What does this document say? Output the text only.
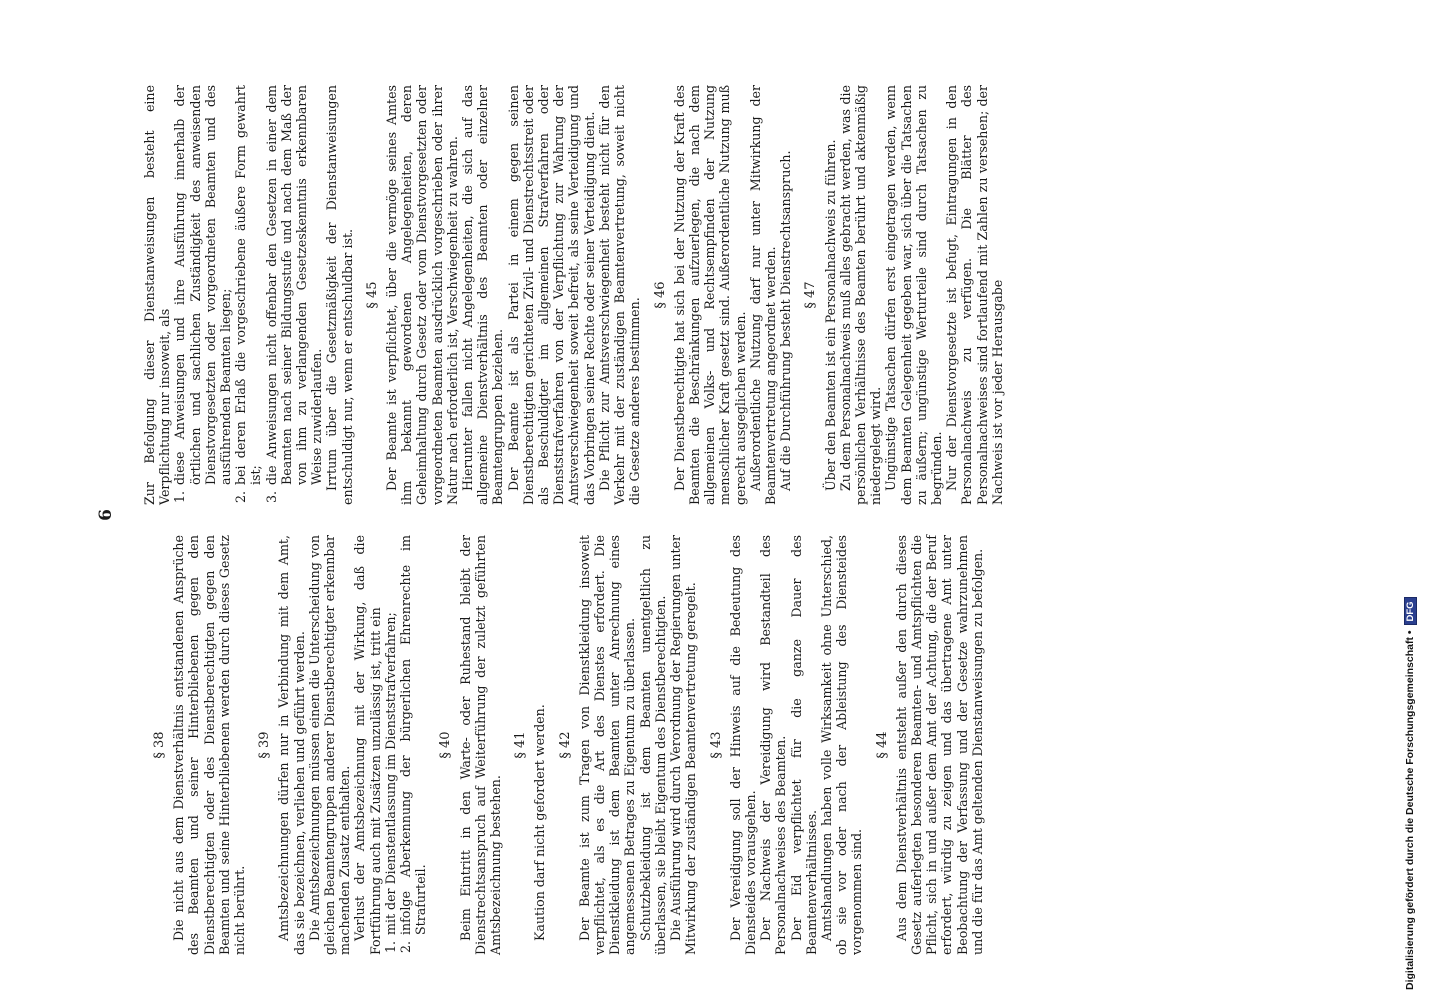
6
§ 38 Die nicht aus dem Dienstverhältnis entstandenen Ansprüche des Beamten und seiner Hinterbliebenen gegen den Dienstberechtigten oder des Dienstberechtigten gegen den Beamten und seine Hinterbliebenen werden durch dieses Gesetz nicht berührt.

§ 39 Amtsbezeichnungen dürfen nur in Verbindung mit dem Amt, das sie bezeichnen, verliehen und geführt werden. Die Amtsbezeichnungen müssen einen die Unterscheidung von gleichen Beamtengruppen anderer Dienstberechtigter erkennbar machenden Zusatz enthalten. Verlust der Amtsbezeichnung mit der Wirkung, daß die Fortführung auch mit Zusätzen unzulässig ist, tritt ein 1.
mit der Dienstentlassung im Dienststrafverfahren;
2.
infolge Aberkennung der bürgerlichen Ehrenrechte im Strafurteil.
§ 40 Beim Eintritt in den Warte- oder Ruhestand bleibt der Dienstrechtsanspruch auf Weiterführung der zuletzt geführten Amtsbezeichnung bestehen.

§ 41 Kaution darf nicht gefordert werden. § 42 Der Beamte ist zum Tragen von Dienstkleidung insoweit verpflichtet, als es die Art des Dienstes erfordert. Die Dienstkleidung ist dem Beamten unter Anrechnung eines angemessenen Betrages zu Eigentum zu überlassen. Schutzbekleidung ist dem Beamten unentgeltlich zu überlassen, sie bleibt Eigentum des Dienstberechtigten. Die Ausführung wird durch Verordnung der Regierungen unter Mitwirkung der zuständigen Beamtenvertretung geregelt. § 43 Der Vereidigung soll der Hinweis auf die Bedeutung des Diensteides vorausgehen. Der Nachweis der Vereidigung wird Bestandteil des Personalnachweises des Beamten. Der Eid verpflichtet für die ganze Dauer des Beamtenverhältnisses. Amtshandlungen haben volle Wirksamkeit ohne Unterschied, ob sie vor oder nach der Ableistung des Diensteides vorgenommen sind.

§ 44 Aus dem Dienstverhältnis entsteht außer den durch dieses Gesetz auferlegten besonderen Beamten- und Amtspflichten die Pflicht, sich in und außer dem Amt der Achtung, die der Beruf erfordert, würdig zu zeigen und das übertragene Amt unter Beobachtung der Verfassung und der Gesetze wahrzunehmen und die für das Amt geltenden Dienstanweisungen zu befolgen.

Zur Befolgung dieser Dienstanweisungen besteht eine Verpflichtung nur insoweit, als 1.
diese Anweisungen und ihre Ausführung innerhalb der örtlichen und sachlichen Zuständigkeit des anweisenden Dienstvorgesetzten oder vorgeordneten Beamten und des ausführenden Beamten liegen;
2.
bei deren Erlaß die vorgeschriebene äußere Form gewahrt ist;
3.
die Anweisungen nicht offenbar den Gesetzen in einer dem Beamten nach seiner Bildungsstufe und nach dem Maß der von ihm zu verlangenden Gesetzeskenntnis erkennbaren Weise zuwiderlaufen. Irrtum über die Gesetzmäßigkeit der Dienstanweisungen entschuldigt nur, wenn er entschuldbar ist. § 45 Der Beamte ist verpflichtet, über die vermöge seines Amtes ihm bekannt gewordenen Angelegenheiten, deren Geheimhaltung durch Gesetz oder vom Dienstvorgesetzten oder vorgeordneten Beamten ausdrücklich vorgeschrieben oder ihrer Natur nach erforderlich ist, Verschwiegenheit zu wahren. Hierunter fallen nicht Angelegenheiten, die sich auf das allgemeine Dienstverhältnis des Beamten oder einzelner Beamtengruppen beziehen. Der Beamte ist als Partei in einem gegen seinen Dienstberechtigten gerichteten Zivil- und Dienstrechtsstreit oder als Beschuldigter im allgemeinen Strafverfahren oder Dienststrafverfahren von der Verpflichtung zur Wahrung der Amtsverschwiegenheit soweit befreit, als seine Verteidigung und das Vorbringen seiner Rechte oder seiner Verteidigung dient. Die Pflicht zur Amtsverschwiegenheit besteht nicht für den Verkehr mit der zuständigen Beamtenvertretung, soweit nicht die Gesetze anderes bestimmen.

§ 46 Der Dienstberechtigte hat sich bei der Nutzung der Kraft des Beamten die Beschränkungen aufzuerlegen, die nach dem allgemeinen Volks- und Rechtsempfinden der Nutzung menschlicher Kraft gesetzt sind. Außerordentliche Nutzung muß gerecht ausgeglichen werden. Außerordentliche Nutzung darf nur unter Mitwirkung der Beamtenvertretung angeordnet werden. Auf die Durchführung besteht Dienstrechtsanspruch. § 47 Über den Beamten ist ein Personalnachweis zu führen. Zu dem Personalnachweis muß alles gebracht werden, was die persönlichen Verhältnisse des Beamten berührt und aktenmäßig niedergelegt wird. Ungünstige Tatsachen dürfen erst eingetragen werden, wenn dem Beamten Gelegenheit gegeben war, sich über die Tatsachen zu äußern; ungünstige Werturteile sind durch Tatsachen zu begründen. Nur der Dienstvorgesetzte ist befugt, Eintragungen in den Personalnachweis zu verfügen. Die Blätter des Personalnachweises sind fortlaufend mit Zahlen zu versehen; der Nachweis ist vor jeder Herausgabe

Digitalisierung gefördert durch die Deutsche Forschungsgemeinschaft • DFG
